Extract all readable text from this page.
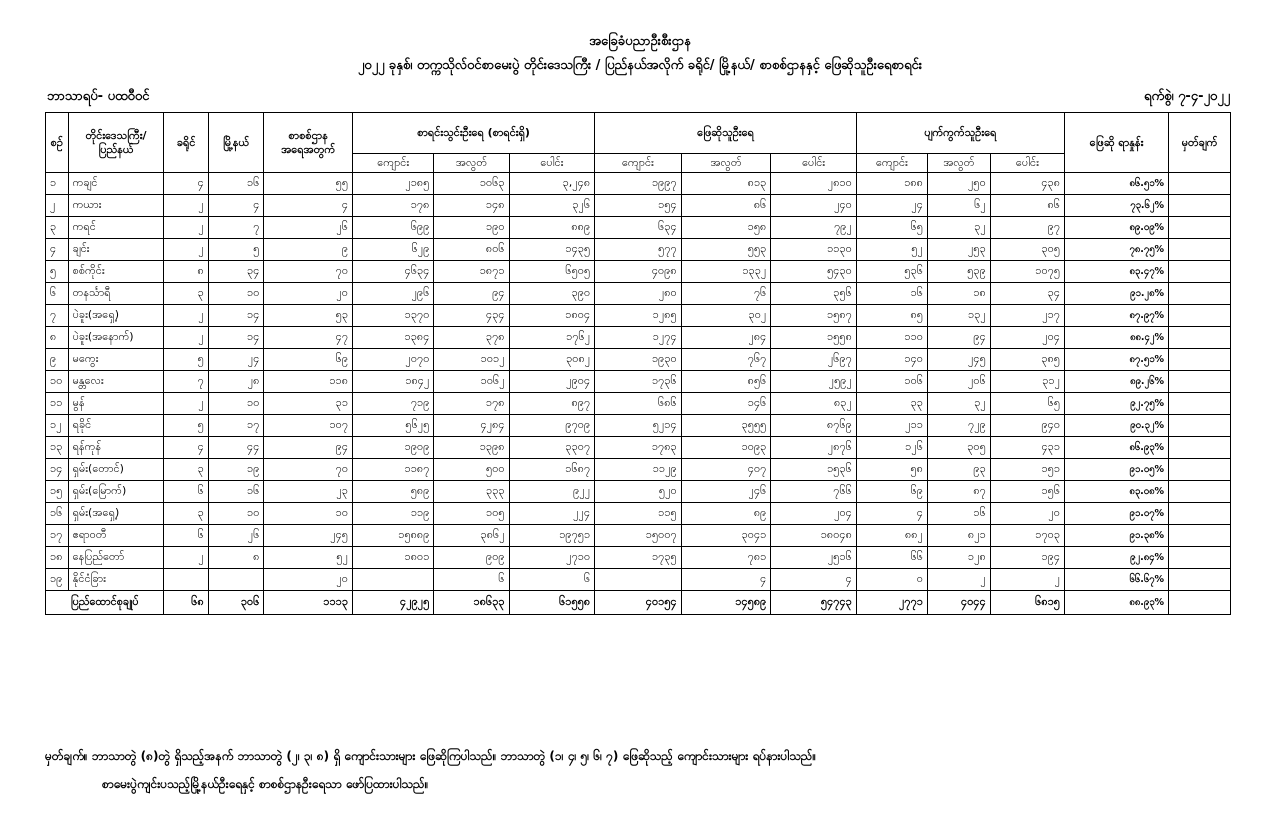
အခြေခံပညာဦးစီးဌာန
၂၀၂၂ ခုနှစ်၊ တက္ကသိုလ်ဝင်စာမေးပွဲ တိုင်းဒေသကြီး / ပြည်နယ်အလိုက် ခရိုင်/ မြို့နယ်/ စာစစ်ဌာနနှင့် ဖြေဆိုသူဦးရေစာရင်း
ဘာသာရပ်- ပထဝီဝင်	ရက်စွဲ၊ ၇-၄-၂၀၂၂
စဉ်	တိုင်းဒေသကြီး/ ပြည်နယ်	ခရိုင်	မြို့နယ်	စာစစ်ဌာန အရေအတွက်	စာရင်းသွင်းဦးရေ (စာရင်းရှိ)			ဖြေဆိုသူဦးရေ			ပျက်ကွက်သူဦးရေ			ဖြေဆို ရာနှုန်း	မှတ်ချက်
					ကျောင်း	အလွတ်	ပေါင်း	ကျောင်း	အလွတ်	ပေါင်း	ကျောင်း	အလွတ်	ပေါင်း		
၁	ကချင်	၄	၁၆	၅၅	၂၁၈၅	၁၀၆၃	၃,၂၄၈	၁၉၉၇	၈၁၃	၂၈၁၀	၁၈၈	၂၅၀	၄၃၈	၈၆.၅၁%	
၂	ကယား	၂	၄	၄	၁၇၈	၁၄၈	၃၂၆	၁၅၄	၈၆	၂၄၀	၂၄	၆၂	၈၆	၇၃.၆၂%	
၃	ကရင်	၂	၇	၂၆	၆၉၉	၁၉၀	၈၈၉	၆၃၄	၁၅၈	၇၉၂	၆၅	၃၂	၉၇	၈၉.၀၉%	
၄	ချင်း	၂	၅	၉	၆၂၉	၈၀၆	၁၄၃၅	၅၇၇	၅၅၃	၁၁၃၀	၅၂	၂၅၃	၃၀၅	၇၈.၇၅%	
၅	စစ်ကိုင်း	၈	၃၄	၇၀	၄၆၃၄	၁၈၇၁	၆၅၀၅	၄၀၉၈	၁၃၃၂	၅၄၃၀	၅၃၆	၅၃၉	၁၀၇၅	၈၃.၄၇%	
၆	တနင်္သာရီ	၃	၁၀	၂၀	၂၉၆	၉၄	၃၉၀	၂၈၀	၇၆	၃၅၆	၁၆	၁၈	၃၄	၉၁.၂၈%	
၇	ပဲခူး(အရှေ့)	၂	၁၄	၅၃	၁၃၇၀	၄၃၄	၁၈၀၄	၁၂၈၅	၃၀၂	၁၅၈၇	၈၅	၁၃၂	၂၁၇	၈၇.၉၇%	
၈	ပဲခူး(အနောက်)	၂	၁၄	၄၇	၁၃၈၄	၃၇၈	၁၇၆၂	၁၂၇၄	၂၈၄	၁၅၅၈	၁၁၀	၉၄	၂၀၄	၈၈.၄၂%	
၉	မကွေး	၅	၂၄	၆၉	၂၀၇၀	၁၀၁၂	၃၀၈၂	၁၉၃၀	၇၆၇	၂၆၉၇	၁၄၀	၂၄၅	၃၈၅	၈၇.၅၁%	
၁၀	မန္တလေး	၇	၂၈	၁၁၈	၁၈၄၂	၁၀၆၂	၂၉၀၄	၁၇၃၆	၈၅၆	၂၅၉၂	၁၀၆	၂၀၆	၃၁၂	၈၉.၂၆%	
၁၁	မွန်	၂	၁၀	၃၁	၇၁၉	၁၇၈	၈၉၇	၆၈၆	၁၄၆	၈၃၂	၃၃	၃၂	၆၅	၉၂.၇၅%	
၁၂	ရခိုင်	၅	၁၇	၁၀၇	၅၆၂၅	၄၂၈၄	၉၇၀၉	၅၂၁၄	၃၅၅၅	၈၇၆၉	၂၁၁	၇၂၉	၉၄၀	၉၀.၃၂%	
၁၃	ရန်ကုန်	၄	၄၄	၉၄	၁၉၀၉	၁၃၉၈	၃၃၀၇	၁၇၈၃	၁၀၉၃	၂၈၇၆	၁၂၆	၃၀၅	၄၃၁	၈၆.၉၃%	
၁၄	ရှမ်း(တောင်)	၃	၁၉	၇၀	၁၁၈၇	၅၀၀	၁၆၈၇	၁၁၂၉	၄၀၇	၁၅၃၆	၅၈	၉၃	၁၅၁	၉၁.၀၅%	
၁၅	ရှမ်း(မြောက်)	၆	၁၆	၂၃	၅၈၉	၃၃၃	၉၂၂	၅၂၀	၂၄၆	၇၆၆	၆၉	၈၇	၁၅၆	၈၃.၀၈%	
၁၆	ရှမ်း(အရှေ့)	၃	၁၀	၁၀	၁၁၉	၁၀၅	၂၂၄	၁၁၅	၈၉	၂၀၄	၄	၁၆	၂၀	၉၁.၀၇%	
၁၇	ဧရာဝတီ	၆	၂၆	၂၄၅	၁၅၈၈၉	၃၈၆၂	၁၉၇၅၁	၁၅၀၀၇	၃၀၄၁	၁၈၀၄၈	၈၈၂	၈၂၁	၁၇၀၃	၉၁.၃၈%	
၁၈	နေပြည်တော်	၂	၈	၅၂	၁၈၀၁	၉၀၉	၂၇၁၀	၁၇၃၅	၇၈၁	၂၅၁၆	၆၆	၁၂၈	၁၉၄	၉၂.၈၄%	
၁၉	နိုင်ငံခြား			၂၀		၆	၆		၄	၄	၀	၂	၂	၆၆.၆၇%	
ပြည်ထောင်စုချုပ်		၆၈	၃၀၆	၁၁၁၃	၄၂၉၂၅	၁၈၆၃၃	၆၁၅၅၈	၄၀၁၅၄	၁၄၅၈၉	၅၄၇၄၃	၂၇၇၁	၄၀၄၄	၆၈၁၅	၈၈.၉၃%	
မှတ်ချက်။ ဘာသာတွဲ (၈)တွဲ ရှိသည့်အနက် ဘာသာတွဲ (၂၊ ၃၊ ၈) ရှိ ကျောင်းသားများ ဖြေဆိုကြပါသည်။ ဘာသာတွဲ (၁၊ ၄၊ ၅၊ ၆၊ ၇) ဖြေဆိုသည့် ကျောင်းသားများ ရပ်နားပါသည်။
စာမေးပွဲကျင်းပသည့်မြို့နယ်ဦးရေနှင့် စာစစ်ဌာနဦးရေသာ ဖော်ပြထားပါသည်။
